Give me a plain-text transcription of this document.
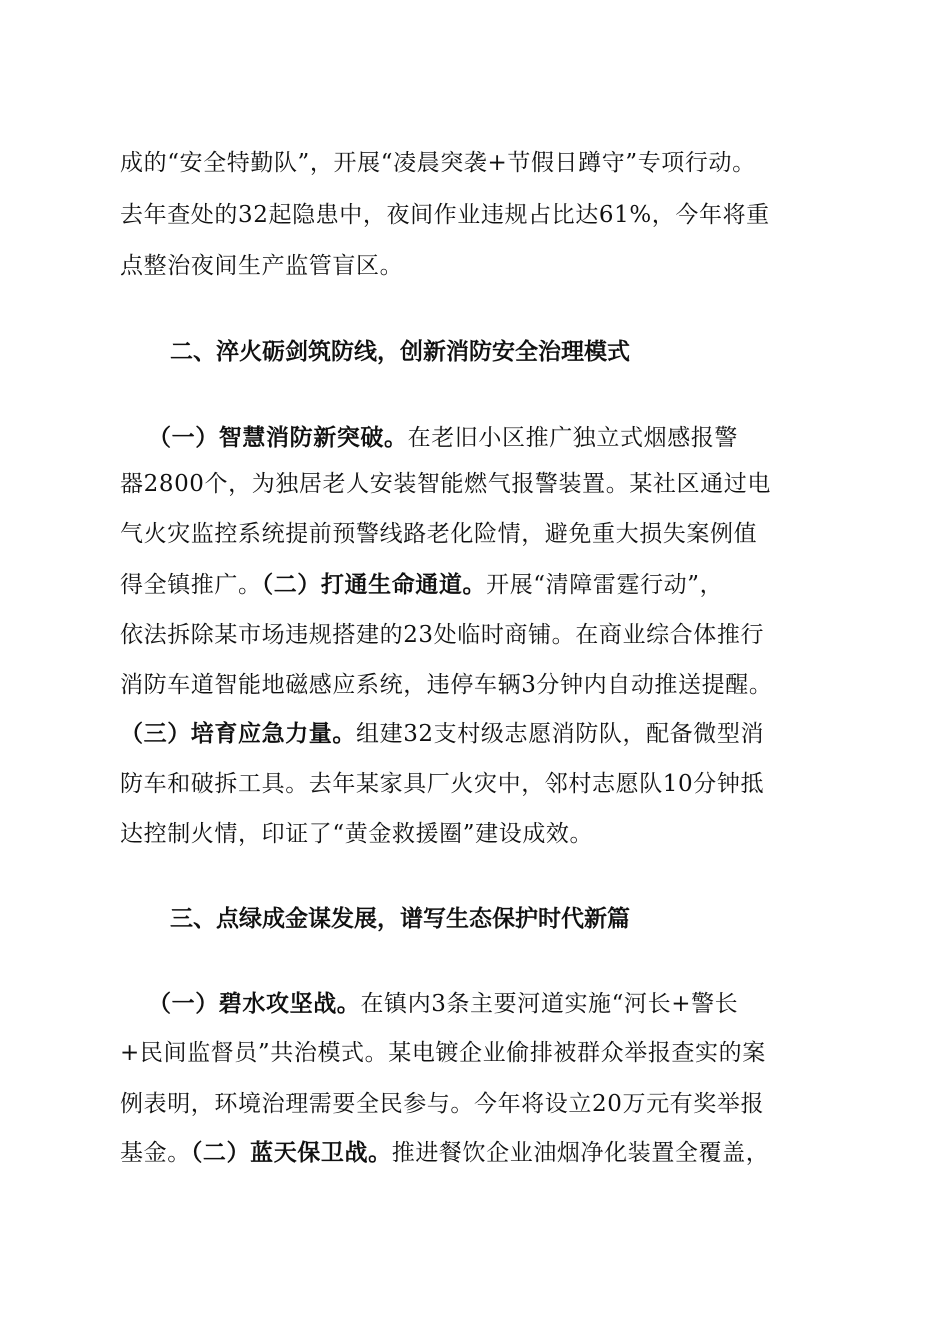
成的“安全特勤队”，开展“凌晨突袭+节假日蹲守”专项行动。
去年查处的32起隐患中，夜间作业违规占比达61%，今年将重
点整治夜间生产监管盲区。
二、淬火砺剑筑防线，创新消防安全治理模式
（一）智慧消防新突破。在老旧小区推广独立式烟感报警
器2800个，为独居老人安装智能燃气报警装置。某社区通过电
气火灾监控系统提前预警线路老化险情，避免重大损失案例值
得全镇推广。（二）打通生命通道。开展“清障雷霆行动”，
依法拆除某市场违规搭建的23处临时商铺。在商业综合体推行
消防车道智能地磁感应系统，违停车辆3分钟内自动推送提醒。
（三）培育应急力量。组建32支村级志愿消防队，配备微型消
防车和破拆工具。去年某家具厂火灾中，邻村志愿队10分钟抵
达控制火情，印证了“黄金救援圈”建设成效。
三、点绿成金谋发展，谱写生态保护时代新篇
（一）碧水攻坚战。在镇内3条主要河道实施“河长+警长
+民间监督员”共治模式。某电镀企业偷排被群众举报查实的案
例表明，环境治理需要全民参与。今年将设立20万元有奖举报
基金。（二）蓝天保卫战。推进餐饮企业油烟净化装置全覆盖，
